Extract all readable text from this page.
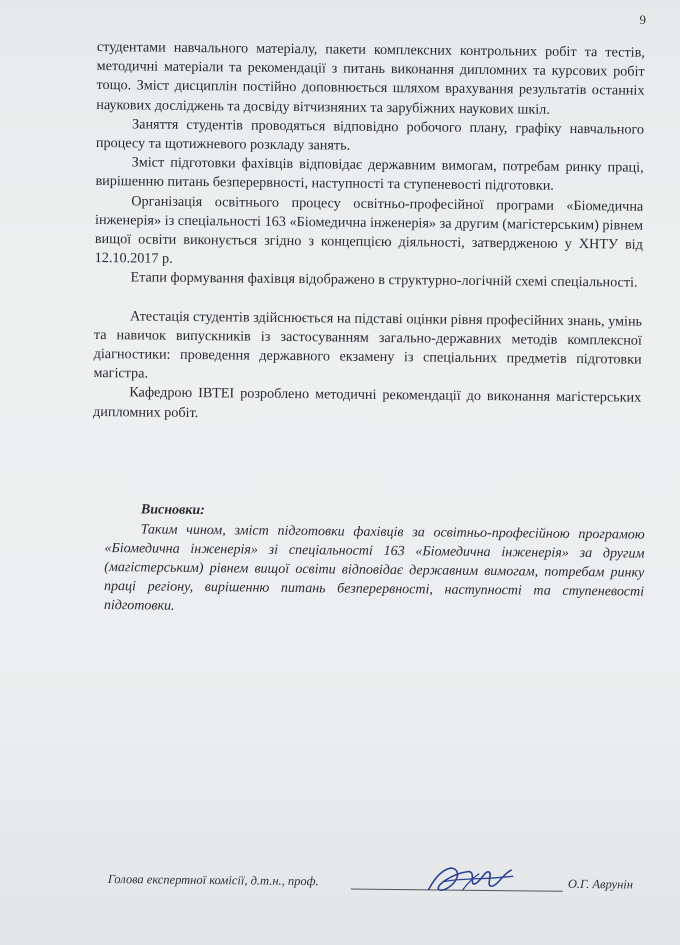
9

студентами навчального матеріалу, пакети комплексних контрольних робіт та тестів, методичні матеріали та рекомендації з питань виконання дипломних та курсових робіт тощо. Зміст дисциплін постійно доповнюється шляхом врахування результатів останніх наукових досліджень та досвіду вітчизняних та зарубіжних наукових шкіл.

Заняття студентів проводяться відповідно робочого плану, графіку навчального процесу та щотижневого розкладу занять.

Зміст підготовки фахівців відповідає державним вимогам, потребам ринку праці, вирішенню питань безперервності, наступності та ступеневості підготовки.

Організація освітнього процесу освітньо-професійної програми «Біомедична інженерія» із спеціальності 163 «Біомедична інженерія» за другим (магістерським) рівнем вищої освіти виконується згідно з концепцією діяльності, затвердженою у ХНТУ від 12.10.2017 р.

Етапи формування фахівця відображено в структурно-логічній схемі спеціальності.

Атестація студентів здійснюється на підставі оцінки рівня професійних знань, умінь та навичок випускників із застосуванням загально-державних методів комплексної діагностики: проведення державного екзамену із спеціальних предметів підготовки магістра.

Кафедрою ІВТЕІ розроблено методичні рекомендації до виконання магістерських дипломних робіт.

Висновки:

Таким чином, зміст підготовки фахівців за освітньо-професійною програмою «Біомедична інженерія» зі спеціальності 163 «Біомедична інженерія» за другим (магістерським) рівнем вищої освіти відповідає державним вимогам, потребам ринку праці регіону, вирішенню питань безперервності, наступності та ступеневості підготовки.

Голова експертної комісії, д.т.н., проф.	О.Г. Аврунін
